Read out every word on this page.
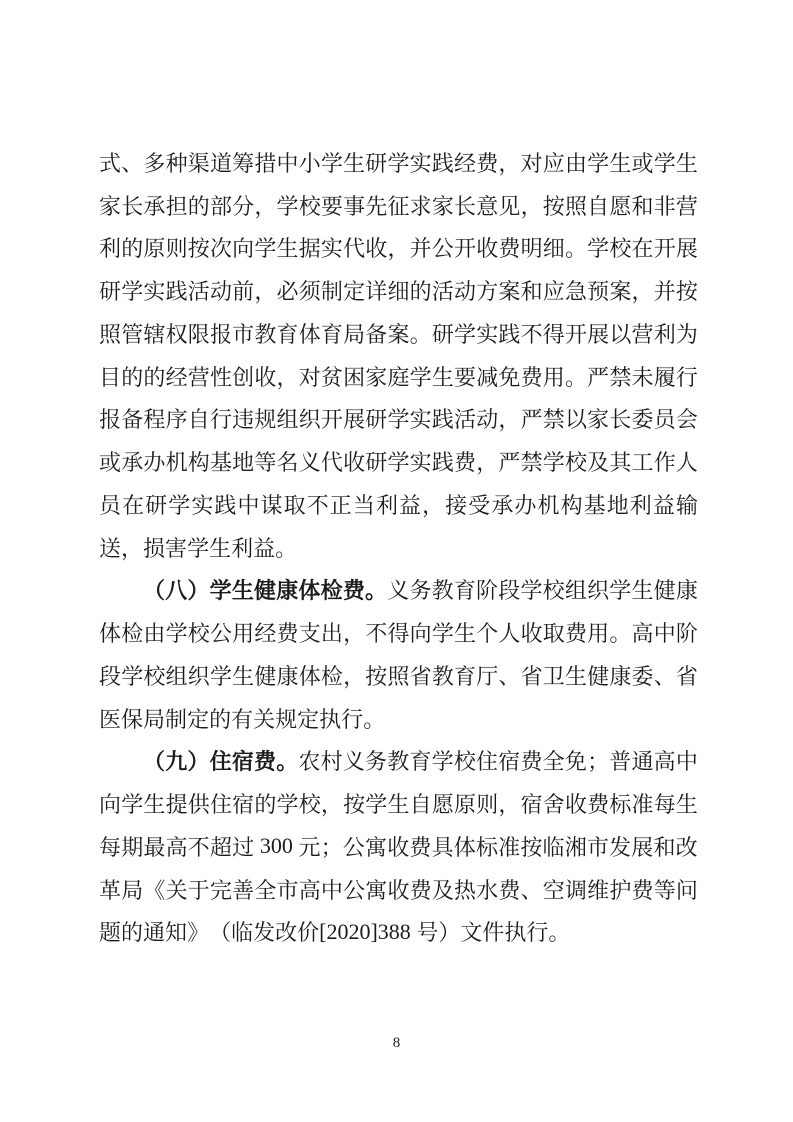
式 、 多 种 渠 道 筹 措 中 小 学 生 研 学 实 践 经 费 ， 对 应 由 学 生 或 学 生
家 长 承 担 的 部 分 ， 学 校 要 事 先 征 求 家 长 意 见 ， 按 照 自 愿 和 非 营
利 的 原 则 按 次 向 学 生 据 实 代 收 ， 并 公 开 收 费 明 细 。 学 校 在 开 展
研 学 实 践 活 动 前 ， 必 须 制 定 详 细 的 活 动 方 案 和 应 急 预 案 ， 并 按
照 管 辖 权 限 报 市 教 育 体 育 局 备 案 。 研 学 实 践 不 得 开 展 以 营 利 为
目 的 的 经 营 性 创 收 ， 对 贫 困 家 庭 学 生 要 减 免 费 用 。 严 禁 未 履 行
报 备 程 序 自 行 违 规 组 织 开 展 研 学 实 践 活 动 ， 严 禁 以 家 长 委 员 会
或 承 办 机 构 基 地 等 名 义 代 收 研 学 实 践 费 ， 严 禁 学 校 及 其 工 作 人
员 在 研 学 实 践 中 谋 取 不 正 当 利 益 ， 接 受 承 办 机 构 基 地 利 益 输
送 ， 损 害 学 生 利 益 。
（ 八 ） 学 生 健 康 体 检 费 。 义 务 教 育 阶 段 学 校 组 织 学 生 健 康
体 检 由 学 校 公 用 经 费 支 出 ， 不 得 向 学 生 个 人 收 取 费 用 。 高 中 阶
段 学 校 组 织 学 生 健 康 体 检 ， 按 照 省 教 育 厅 、 省 卫 生 健 康 委 、 省
医 保 局 制 定 的 有 关 规 定 执 行 。
（ 九 ） 住 宿 费 。 农 村 义 务 教 育 学 校 住 宿 费 全 免 ； 普 通 高 中
向 学 生 提 供 住 宿 的 学 校 ， 按 学 生 自 愿 原 则 ， 宿 舍 收 费 标 准 每 生
每 期 最 高 不 超 过 300 元 ； 公 寓 收 费 具 体 标 准 按 临 湘 市 发 展 和 改
革 局 《 关 于 完 善 全 市 高 中 公 寓 收 费 及 热 水 费 、 空 调 维 护 费 等 问
题 的 通 知 》 （ 临 发 改 价 [2020]388 号 ） 文 件 执 行 。
8
